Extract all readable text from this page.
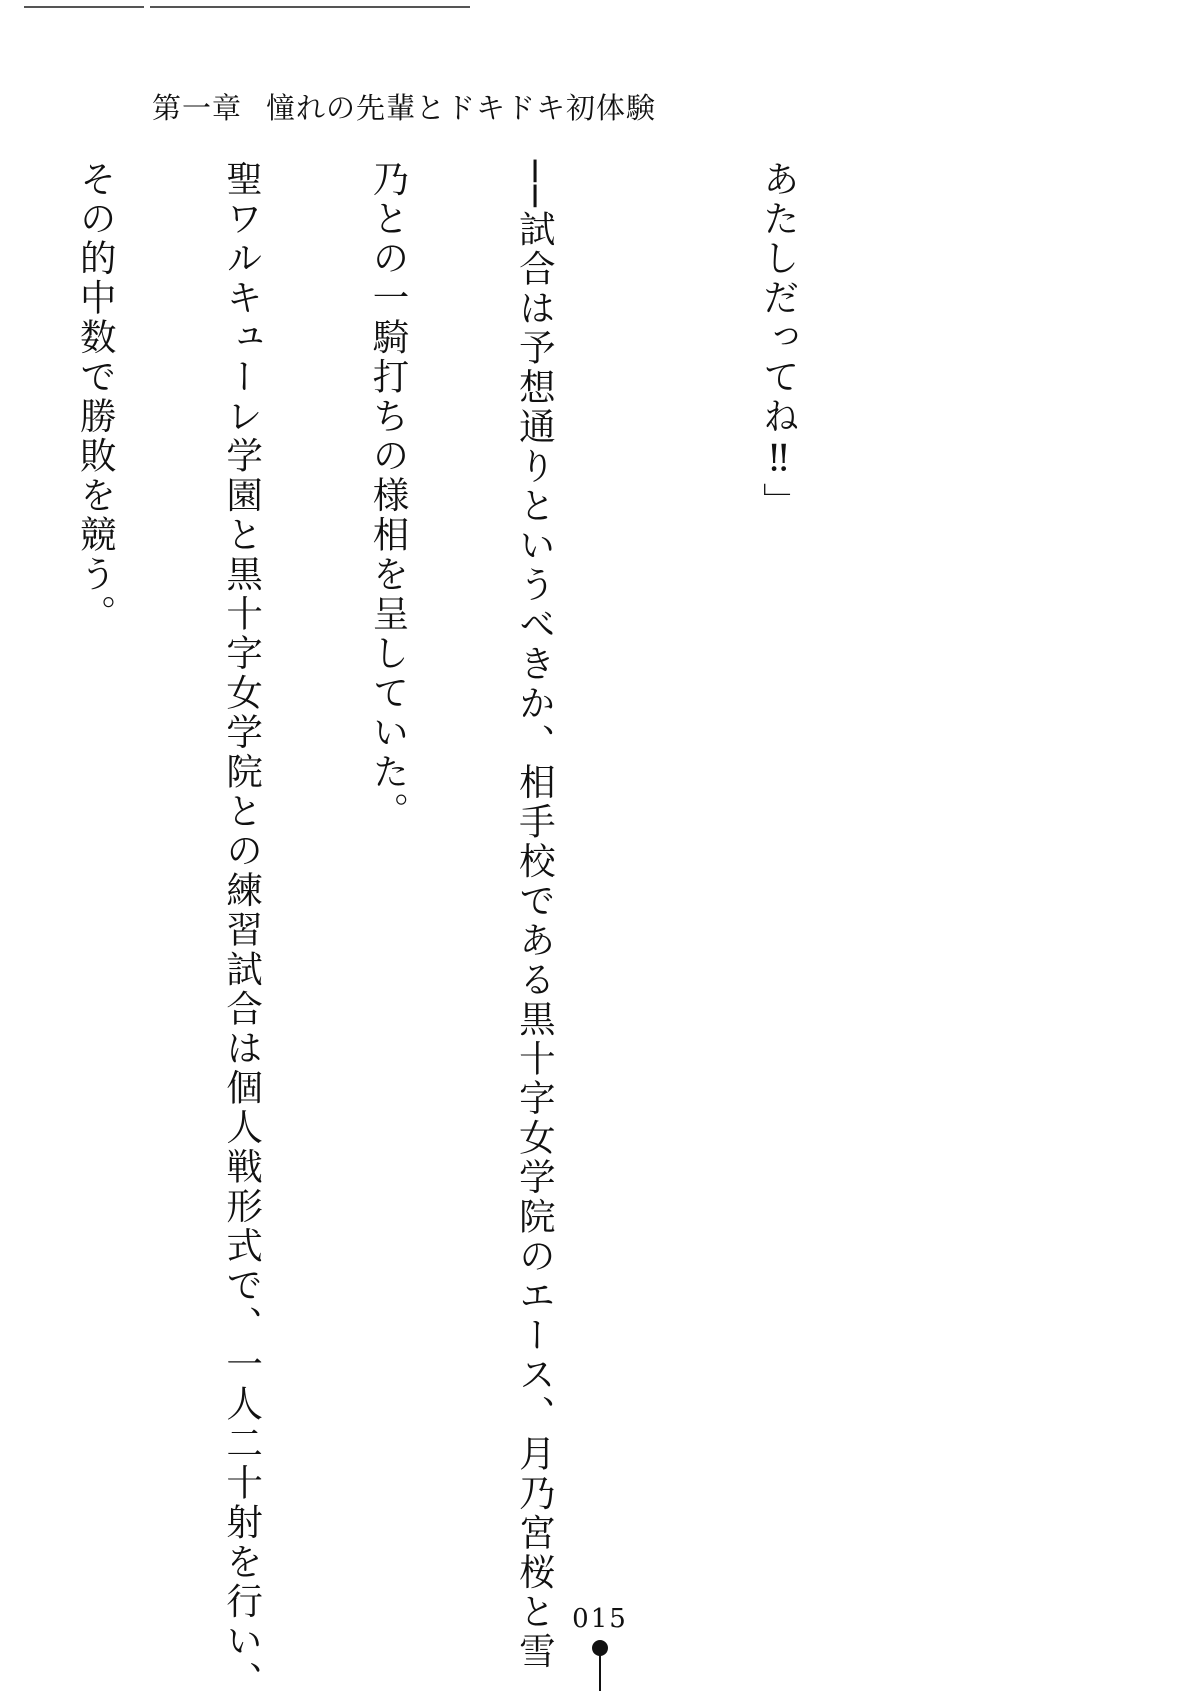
第一章 憧れの先輩とドキドキ初体験

あたしだってね‼」

──試合は予想通りというべきか、相手校である黒十字女学院のエース、月乃宮桜と雪

乃との一騎打ちの様相を呈していた。

聖ワルキューレ学園と黒十字女学院との練習試合は個人戦形式で、一人二十射を行い、

その的中数で勝敗を競う。

015
